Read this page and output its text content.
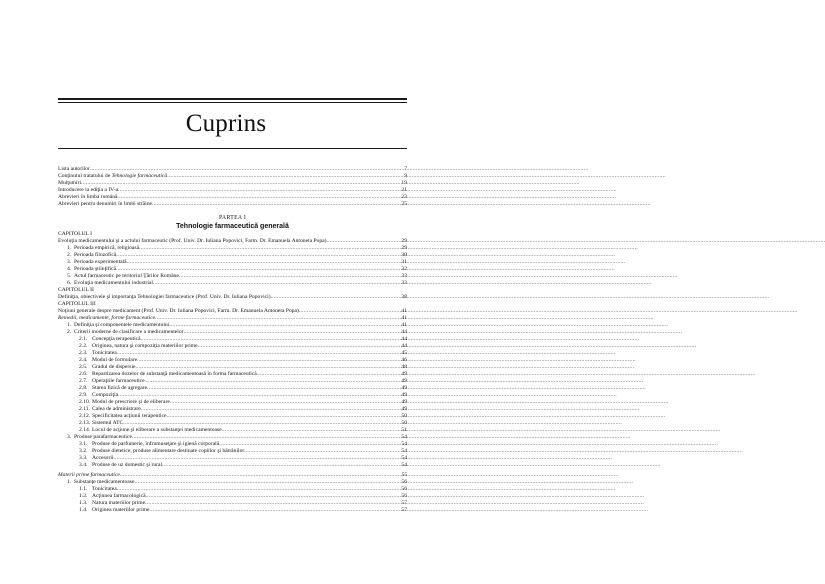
Cuprins
Lista autorilor .....	7
Conţinutul tratatului de Tehnologie farmaceutică .....	9
Mulţumiri .....	19
Introducere la ediţia a IV-a .....	21
Abrevieri în limba română .....	23
Abrevieri pentru denumiri în limbi străine .....	25
PARTEA I
Tehnologie farmaceutică generală
CAPITOLUL I
Evoluţia medicamentului şi a actului farmaceutic (Prof. Univ. Dr. Iuliana Popovici, Farm. Dr. Emanuela Antoneta Popa) .....	29
1. Perioada empirică, religioasă .....	29
2. Perioada filozofică .....	30
3. Perioada experimentală .....	31
4. Perioada ştiinţifică .....	32
5. Actul farmaceutic pe teritoriul Ţărilor Române .....	33
6. Evoluţia medicamentului industrial .....	33
CAPITOLUL II
Definiţia, obiectivele şi importanţa Tehnologiei farmaceutice (Prof. Univ. Dr. Iuliana Popovici) .....	38
CAPITOLUL III
Noţiuni generale despre medicament (Prof. Univ. Dr. Iuliana Popovici, Farm. Dr. Emanuela Antoneta Popa) .....	41
Remedii, medicamente, forme farmaceutice .....	41
1. Definiţia şi componentele medicamentului .....	41
2. Criterii moderne de clasificare a medicamentelor .....	44
2.1. Concepţia terapeutică .....	44
2.2. Originea, natura şi compoziţia materiilor prime .....	44
2.3. Tonicitatea .....	45
2.4. Modul de formulare .....	46
2.5. Gradul de dispersie .....	48
2.6. Repartizarea dozelor de substanţă medicamentoasă în forma farmaceutică .....	49
2.7. Operaţiile farmaceutice .....	49
2.8. Starea fizică de agregare .....	49
2.9. Compoziţia .....	49
2.10. Modul de prescriere şi de eliberare .....	49
2.11. Calea de administrare .....	49
2.12. Specificitatea acţiunii terapeutice .....	50
2.13. Sistemul ATC .....	50
2.14. Locul de acţiune şi eliberare a substanţei medicamentoase .....	51
3. Produse parafarmaceutice .....	54
3.1. Produse de parfumerie, înfrumuseţare şi igienă corporală .....	54
3.2. Produse dietetice, produse alimentare destinate copiilor şi bătrânilor .....	54
3.3. Accesorii .....	54
3.4. Produse de uz domestic şi rural .....	54
Materii prime farmaceutice .....	55
1. Substanţe medicamentoase .....	56
1.1. Tonicitatea .....	56
1.2. Acţiunea farmacologică .....	56
1.3. Natura materiilor prime .....	57
1.4. Originea materiilor prime .....	57
